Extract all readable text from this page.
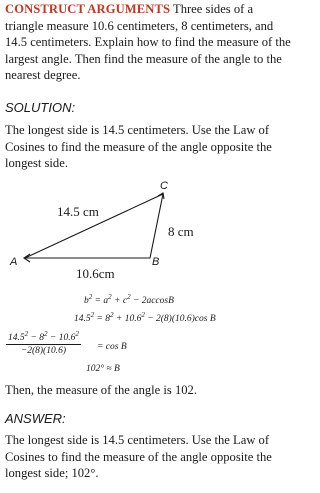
CONSTRUCT ARGUMENTS Three sides of a triangle measure 10.6 centimeters, 8 centimeters, and 14.5 centimeters. Explain how to find the measure of the largest angle. Then find the measure of the angle to the nearest degree.
SOLUTION:
The longest side is 14.5 centimeters. Use the Law of Cosines to find the measure of the angle opposite the longest side.
A	B
C
14.5 cm
8 cm
10.6cm
$b^2 = a^2 + c^2 - 2accosB$
$14.5^2 = 8^2 + 10.6^2 - 2(8)(10.6)\cos$ B
$\frac{14.5^2 - 8^2 - 10.6^2}{-2(8)(10.6)} = \cos B$
102° ≈ B
Then, the measure of the angle is 102.
ANSWER:
The longest side is 14.5 centimeters. Use the Law of Cosines to find the measure of the angle opposite the longest side; 102°.
